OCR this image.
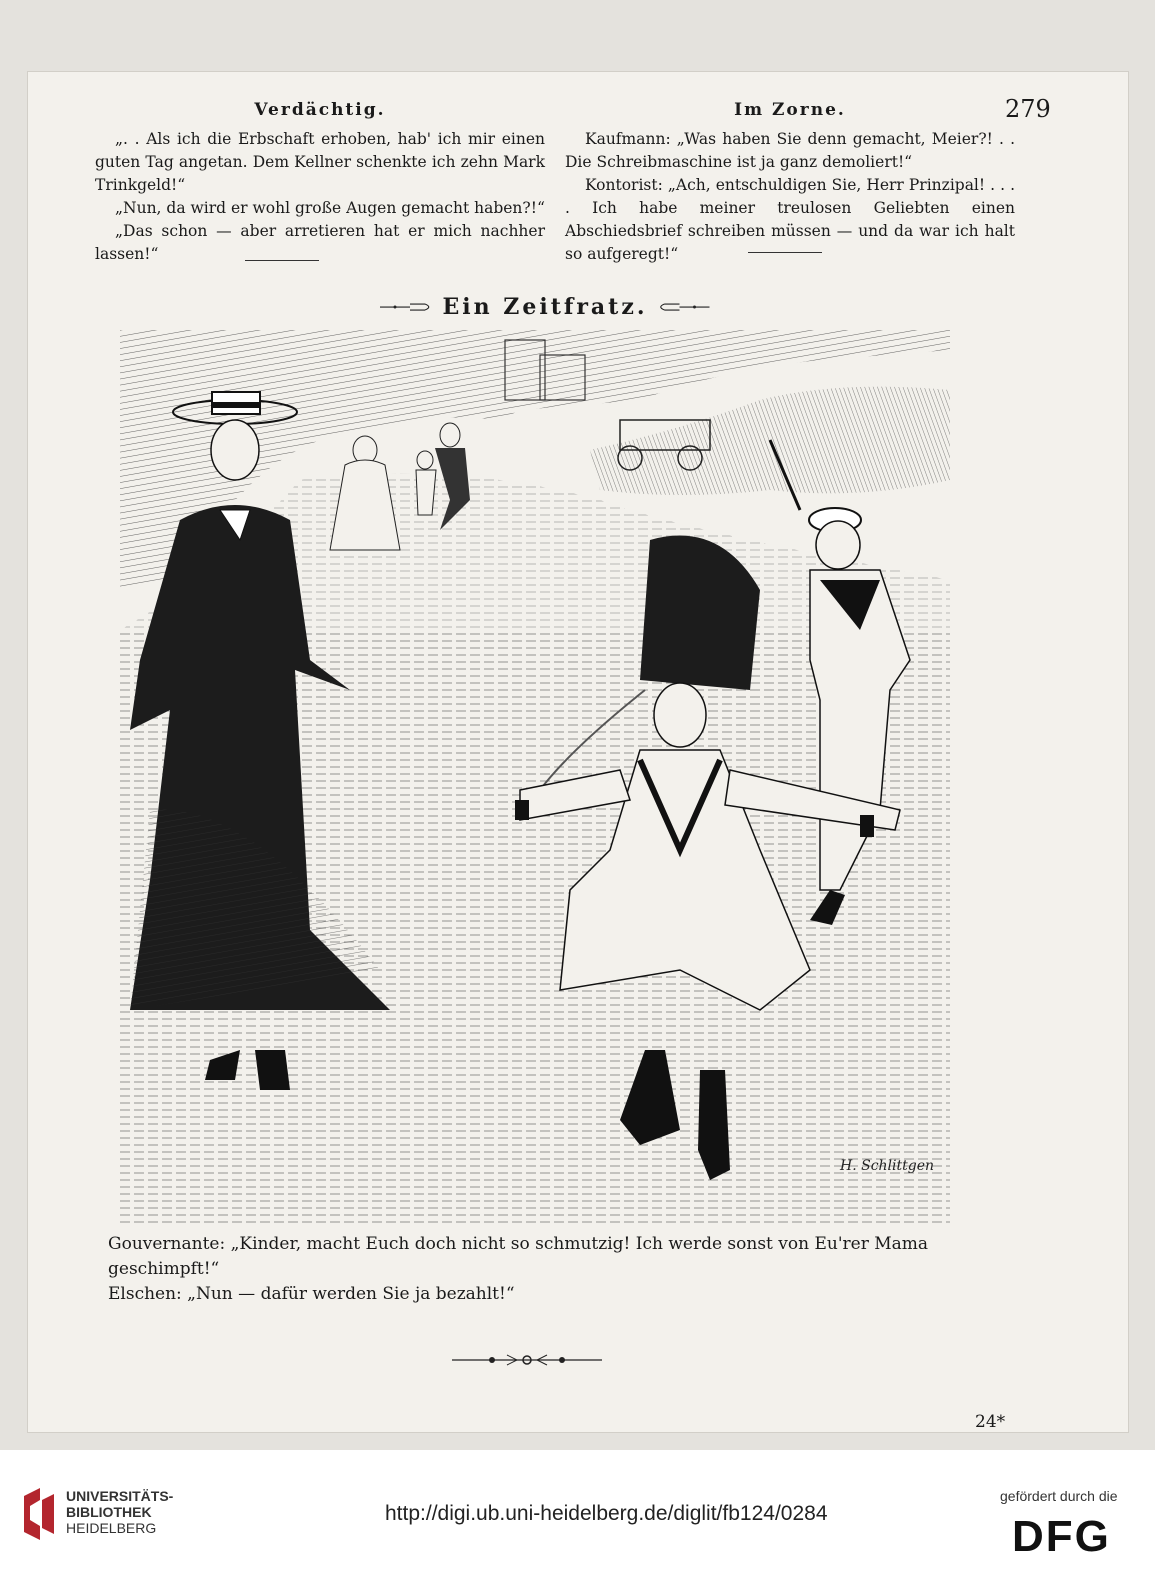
279
Verdächtig.

„. . Als ich die Erbschaft erhoben, hab' ich mir einen guten Tag angetan. Dem Kellner schenkte ich zehn Mark Trinkgeld!“

„Nun, da wird er wohl große Augen gemacht haben?!“

„Das schon — aber arretieren hat er mich nachher lassen!“

Im Zorne.

Kaufmann: „Was haben Sie denn gemacht, Meier?! . . Die Schreibmaschine ist ja ganz demoliert!“

Kontorist: „Ach, entschuldigen Sie, Herr Prinzipal! . . . . Ich habe meiner treulosen Geliebten einen Abschiedsbrief schreiben müssen — und da war ich halt so aufgeregt!“

Ein Zeitfratz.
H. Schlittgen
Gouvernante: „Kinder, macht Euch doch nicht so schmutzig! Ich werde sonst von Eu'rer Mama geschimpft!“
Elschen: „Nun — dafür werden Sie ja bezahlt!“
24*
UNIVERSITÄTS-
BIBLIOTHEK
HEIDELBERG
http://digi.ub.uni-heidelberg.de/diglit/fb124/0284
gefördert durch die
DFG
